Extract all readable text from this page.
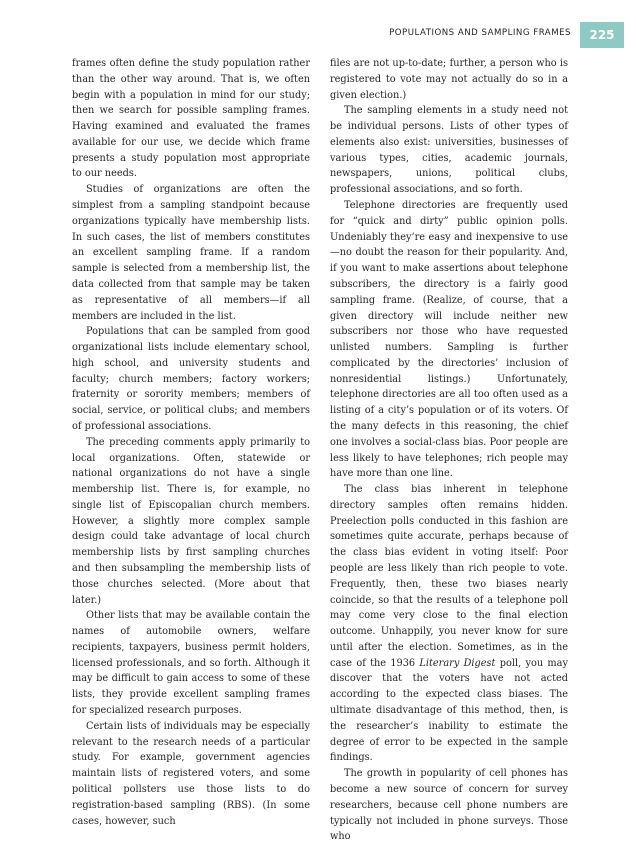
POPULATIONS AND SAMPLING FRAMES	225

frames often define the study population rather than the other way around. That is, we often begin with a population in mind for our study; then we search for possible sampling frames. Having examined and evaluated the frames available for our use, we decide which frame presents a study population most appropriate to our needs.

Studies of organizations are often the simplest from a sampling standpoint because organizations typically have membership lists. In such cases, the list of members constitutes an excellent sampling frame. If a random sample is selected from a membership list, the data collected from that sample may be taken as representative of all members—if all members are included in the list.

Populations that can be sampled from good organizational lists include elementary school, high school, and university students and faculty; church members; factory workers; fraternity or sorority members; members of social, service, or political clubs; and members of professional associations.

The preceding comments apply primarily to local organizations. Often, statewide or national organizations do not have a single membership list. There is, for example, no single list of Episcopalian church members. However, a slightly more complex sample design could take advantage of local church membership lists by first sampling churches and then subsampling the membership lists of those churches selected. (More about that later.)

Other lists that may be available contain the names of automobile owners, welfare recipients, taxpayers, business permit holders, licensed professionals, and so forth. Although it may be difficult to gain access to some of these lists, they provide excellent sampling frames for specialized research purposes.

Certain lists of individuals may be especially relevant to the research needs of a particular study. For example, government agencies maintain lists of registered voters, and some political pollsters use those lists to do registration-based sampling (RBS). (In some cases, however, such

files are not up-to-date; further, a person who is registered to vote may not actually do so in a given election.)

The sampling elements in a study need not be individual persons. Lists of other types of elements also exist: universities, businesses of various types, cities, academic journals, newspapers, unions, political clubs, professional associations, and so forth.

Telephone directories are frequently used for “quick and dirty” public opinion polls. Undeniably they’re easy and inexpensive to use—no doubt the reason for their popularity. And, if you want to make assertions about telephone subscribers, the directory is a fairly good sampling frame. (Realize, of course, that a given directory will include neither new subscribers nor those who have requested unlisted numbers. Sampling is further complicated by the directories’ inclusion of nonresidential listings.) Unfortunately, telephone directories are all too often used as a listing of a city’s population or of its voters. Of the many defects in this reasoning, the chief one involves a social-class bias. Poor people are less likely to have telephones; rich people may have more than one line.

The class bias inherent in telephone directory samples often remains hidden. Preelection polls conducted in this fashion are sometimes quite accurate, perhaps because of the class bias evident in voting itself: Poor people are less likely than rich people to vote. Frequently, then, these two biases nearly coincide, so that the results of a telephone poll may come very close to the final election outcome. Unhappily, you never know for sure until after the election. Sometimes, as in the case of the 1936 Literary Digest poll, you may discover that the voters have not acted according to the expected class biases. The ultimate disadvantage of this method, then, is the researcher’s inability to estimate the degree of error to be expected in the sample findings.

The growth in popularity of cell phones has become a new source of concern for survey researchers, because cell phone numbers are typically not included in phone surveys. Those who
